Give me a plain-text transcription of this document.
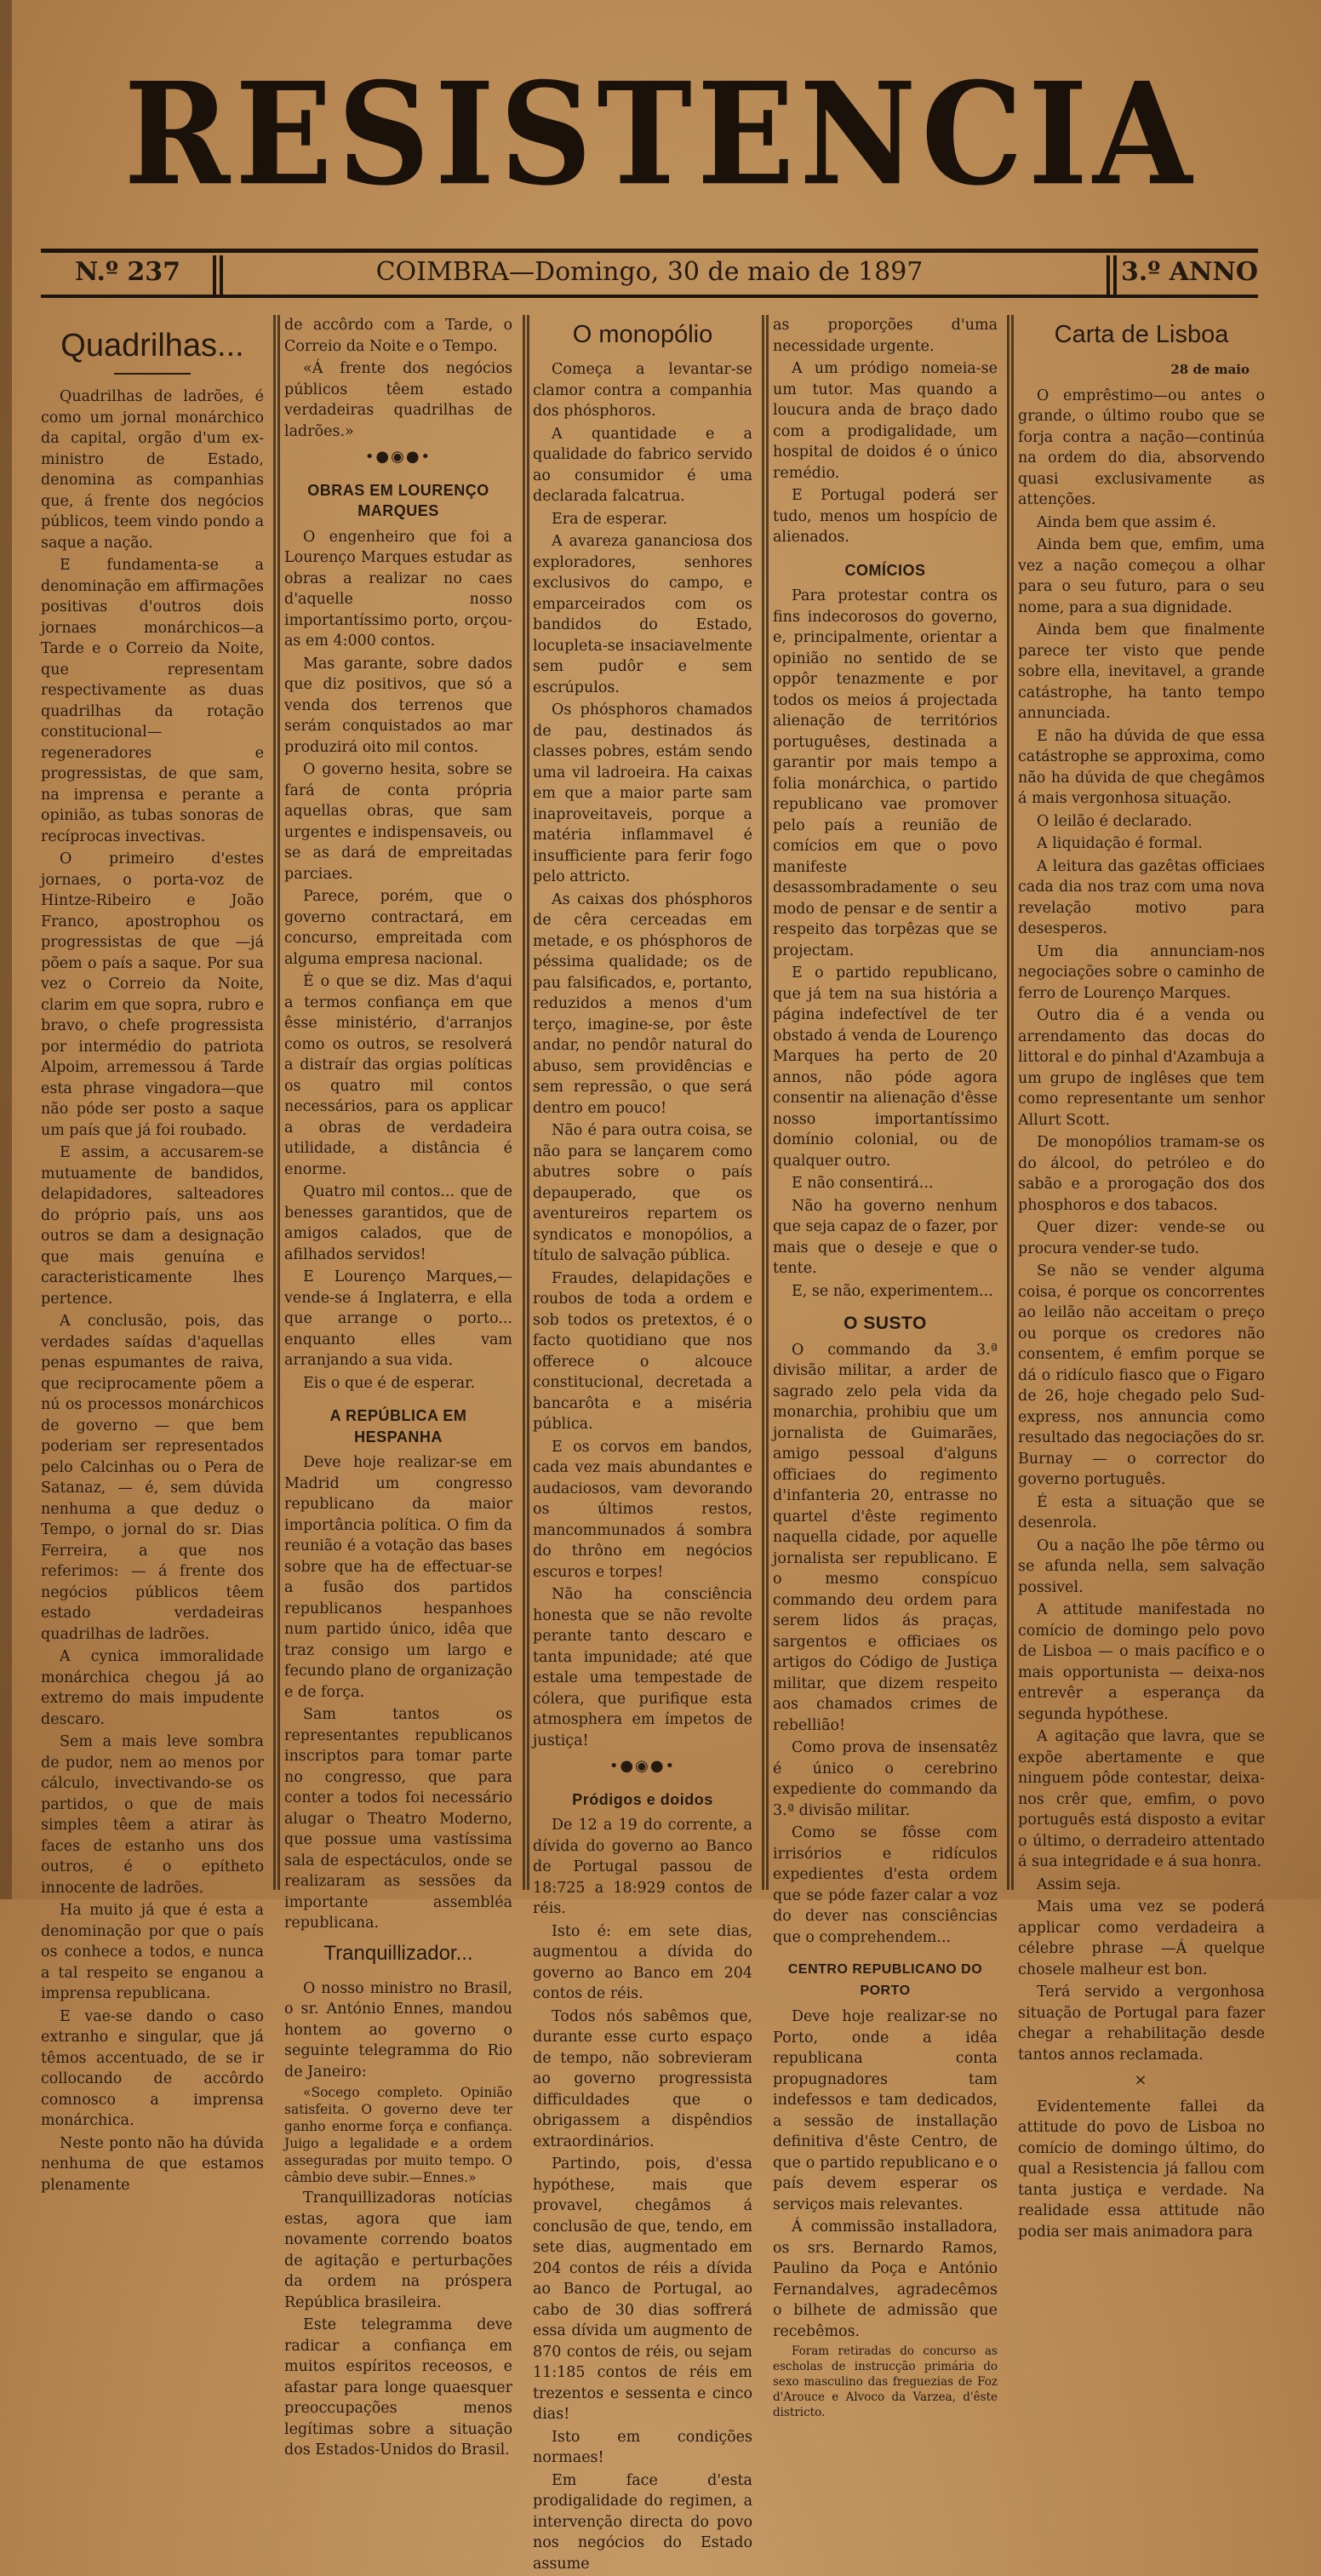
RESISTENCIA
N.º 237	COIMBRA—Domingo, 30 de maio de 1897	3.º ANNO
Quadrilhas...

Quadrilhas de ladrões, é como um jornal monárchico da capital, orgão d'um ex-ministro de Estado, denomina as companhias que, á frente dos negócios públicos, teem vindo pondo a saque a nação.

E fundamenta-se a denominação em affirmações positivas d'outros dois jornaes monárchicos—a Tarde e o Correio da Noite, que representam respectivamente as duas quadrilhas da rotação constitucional—regeneradores e progressistas, de que sam, na imprensa e perante a opinião, as tubas sonoras de recíprocas invectivas.

O primeiro d'estes jornaes, o porta-voz de Hintze-Ribeiro e João Franco, apostrophou os progressistas de que —já põem o país a saque. Por sua vez o Correio da Noite, clarim em que sopra, rubro e bravo, o chefe progressista por intermédio do patriota Alpoim, arremessou á Tarde esta phrase vingadora—que não póde ser posto a saque um país que já foi roubado.

E assim, a accusarem-se mutuamente de bandidos, delapidadores, salteadores do próprio país, uns aos outros se dam a designação que mais genuína e caracteristicamente lhes pertence.

A conclusão, pois, das verdades saídas d'aquellas penas espumantes de raiva, que reciprocamente põem a nú os processos monárchicos de governo — que bem poderiam ser representados pelo Calcinhas ou o Pera de Satanaz, — é, sem dúvida nenhuma a que deduz o Tempo, o jornal do sr. Dias Ferreira, a que nos referimos: — á frente dos negócios públicos têem estado verdadeiras quadrilhas de ladrões.

A cynica immoralidade monárchica chegou já ao extremo do mais impudente descaro.

Sem a mais leve sombra de pudor, nem ao menos por cálculo, invectivando-se os partidos, o que de mais simples têem a atirar às faces de estanho uns dos outros, é o epítheto innocente de ladrões.

Ha muito já que é esta a denominação por que o país os conhece a todos, e nunca a tal respeito se enganou a imprensa republicana.

E vae-se dando o caso extranho e singular, que já têmos accentuado, de se ir collocando de accôrdo comnosco a imprensa monárchica.

Neste ponto não ha dúvida nenhuma de que estamos plenamente

de accôrdo com a Tarde, o Correio da Noite e o Tempo.

«Á frente dos negócios públicos têem estado verdadeiras quadrilhas de ladrões.»

•●◉●•
OBRAS EM LOURENÇO MARQUES

O engenheiro que foi a Lourenço Marques estudar as obras a realizar no caes d'aquelle nosso importantíssimo porto, orçou-as em 4:000 contos.

Mas garante, sobre dados que diz positivos, que só a venda dos terrenos que serám conquistados ao mar produzirá oito mil contos.

O governo hesita, sobre se fará de conta própria aquellas obras, que sam urgentes e indispensaveis, ou se as dará de empreitadas parciaes.

Parece, porém, que o governo contractará, em concurso, empreitada com alguma empresa nacional.

É o que se diz. Mas d'aqui a termos confiança em que êsse ministério, d'arranjos como os outros, se resolverá a distraír das orgias políticas os quatro mil contos necessários, para os applicar a obras de verdadeira utilidade, a distância é enorme.

Quatro mil contos... que de benesses garantidos, que de amigos calados, que de afilhados servidos!

E Lourenço Marques,—vende-se á Inglaterra, e ella que arrange o porto... enquanto elles vam arranjando a sua vida.

Eis o que é de esperar.

A REPÚBLICA EM HESPANHA

Deve hoje realizar-se em Madrid um congresso republicano da maior importância política. O fim da reunião é a votação das bases sobre que ha de effectuar-se a fusão dos partidos republicanos hespanhoes num partido único, idêa que traz consigo um largo e fecundo plano de organização e de força.

Sam tantos os representantes republicanos inscriptos para tomar parte no congresso, que para conter a todos foi necessário alugar o Theatro Moderno, que possue uma vastíssima sala de espectáculos, onde se realizaram as sessões da importante assembléa republicana.

Tranquillizador...

O nosso ministro no Brasil, o sr. António Ennes, mandou hontem ao governo o seguinte telegramma do Rio de Janeiro:

«Socego completo. Opinião satisfeita. O governo deve ter ganho enorme força e confiança. Juigo a legalidade e a ordem asseguradas por muito tempo. O câmbio deve subir.—Ennes.»

Tranquillizadoras notícias estas, agora que iam novamente correndo boatos de agitação e perturbações da ordem na próspera República brasileira.

Este telegramma deve radicar a confiança em muitos espíritos receosos, e afastar para longe quaesquer preoccupações menos legítimas sobre a situação dos Estados-Unidos do Brasil.

O monopólio

Começa a levantar-se clamor contra a companhia dos phósphoros.

A quantidade e a qualidade do fabrico servido ao consumidor é uma declarada falcatrua.

Era de esperar.

A avareza gananciosa dos exploradores, senhores exclusivos do campo, e emparceirados com os bandidos do Estado, locupleta-se insaciavelmente sem pudôr e sem escrúpulos.

Os phósphoros chamados de pau, destinados ás classes pobres, estám sendo uma vil ladroeira. Ha caixas em que a maior parte sam inaproveitaveis, porque a matéria inflammavel é insufficiente para ferir fogo pelo attricto.

As caixas dos phósphoros de cêra cerceadas em metade, e os phósphoros de péssima qualidade; os de pau falsificados, e, portanto, reduzidos a menos d'um terço, imagine-se, por êste andar, no pendôr natural do abuso, sem providências e sem repressão, o que será dentro em pouco!

Não é para outra coisa, se não para se lançarem como abutres sobre o país depauperado, que os aventureiros repartem os syndicatos e monopólios, a título de salvação pública.

Fraudes, delapidações e roubos de toda a ordem e sob todos os pretextos, é o facto quotidiano que nos offerece o alcouce constitucional, decretada a bancarôta e a miséria pública.

E os corvos em bandos, cada vez mais abundantes e audaciosos, vam devorando os últimos restos, mancommunados á sombra do thrôno em negócios escuros e torpes!

Não ha consciência honesta que se não revolte perante tanto descaro e tanta impunidade; até que estale uma tempestade de cólera, que purifique esta atmosphera em ímpetos de justiça!

•●◉●•
Pródigos e doidos

De 12 a 19 do corrente, a dívida do governo ao Banco de Portugal passou de 18:725 a 18:929 contos de réis.

Isto é: em sete dias, augmentou a dívida do governo ao Banco em 204 contos de réis.

Todos nós sabêmos que, durante esse curto espaço de tempo, não sobrevieram ao governo progressista difficuldades que o obrigassem a dispêndios extraordinários.

Partindo, pois, d'essa hypóthese, mais que provavel, chegâmos á conclusão de que, tendo, em sete dias, augmentado em 204 contos de réis a dívida ao Banco de Portugal, ao cabo de 30 dias soffrerá essa dívida um augmento de 870 contos de réis, ou sejam 11:185 contos de réis em trezentos e sessenta e cinco dias!

Isto em condições normaes!

Em face d'esta prodigalidade do regimen, a intervenção directa do povo nos negócios do Estado assume

as proporções d'uma necessidade urgente.

A um pródigo nomeia-se um tutor. Mas quando a loucura anda de braço dado com a prodigalidade, um hospital de doidos é o único remédio.

E Portugal poderá ser tudo, menos um hospício de alienados.

COMÍCIOS

Para protestar contra os fins indecorosos do governo, e, principalmente, orientar a opinião no sentido de se oppôr tenazmente e por todos os meios á projectada alienação de territórios portuguêses, destinada a garantir por mais tempo a folia monárchica, o partido republicano vae promover pelo país a reunião de comícios em que o povo manifeste desassombradamente o seu modo de pensar e de sentir a respeito das torpêzas que se projectam.

E o partido republicano, que já tem na sua história a página indefectível de ter obstado á venda de Lourenço Marques ha perto de 20 annos, não póde agora consentir na alienação d'êsse nosso importantíssimo domínio colonial, ou de qualquer outro.

E não consentirá...

Não ha governo nenhum que seja capaz de o fazer, por mais que o deseje e que o tente.

E, se não, experimentem...

O SUSTO

O commando da 3.ª divisão militar, a arder de sagrado zelo pela vida da monarchia, prohibiu que um jornalista de Guimarães, amigo pessoal d'alguns officiaes do regimento d'infanteria 20, entrasse no quartel d'êste regimento naquella cidade, por aquelle jornalista ser republicano. E o mesmo conspícuo commando deu ordem para serem lidos ás praças, sargentos e officiaes os artigos do Código de Justiça militar, que dizem respeito aos chamados crimes de rebellião!

Como prova de insensatêz é único o cerebrino expediente do commando da 3.ª divisão militar.

Como se fôsse com irrisórios e ridículos expedientes d'esta ordem que se póde fazer calar a voz do dever nas consciências que o comprehendem...

CENTRO REPUBLICANO DO PORTO

Deve hoje realizar-se no Porto, onde a idêa republicana conta propugnadores tam indefessos e tam dedicados, a sessão de installação definitiva d'êste Centro, de que o partido republicano e o país devem esperar os serviços mais relevantes.

Á commissão installadora, os srs. Bernardo Ramos, Paulino da Poça e António Fernandalves, agradecêmos o bilhete de admissão que recebêmos.

Foram retiradas do concurso as escholas de instrucção primária do sexo masculino das freguezias de Foz d'Arouce e Alvoco da Varzea, d'êste districto.

Carta de Lisboa
28 de maio

O emprêstimo—ou antes o grande, o último roubo que se forja contra a nação—continúa na ordem do dia, absorvendo quasi exclusivamente as attenções.

Ainda bem que assim é.

Ainda bem que, emfim, uma vez a nação começou a olhar para o seu futuro, para o seu nome, para a sua dignidade.

Ainda bem que finalmente parece ter visto que pende sobre ella, inevitavel, a grande catástrophe, ha tanto tempo annunciada.

E não ha dúvida de que essa catástrophe se approxima, como não ha dúvida de que chegâmos á mais vergonhosa situação.

O leilão é declarado.

A liquidação é formal.

A leitura das gazêtas officiaes cada dia nos traz com uma nova revelação motivo para desesperos.

Um dia annunciam-nos negociações sobre o caminho de ferro de Lourenço Marques.

Outro dia é a venda ou arrendamento das docas do littoral e do pinhal d'Azambuja a um grupo de inglêses que tem como representante um senhor Allurt Scott.

De monopólios tramam-se os do álcool, do petróleo e do sabão e a prorogação dos dos phosphoros e dos tabacos.

Quer dizer: vende-se ou procura vender-se tudo.

Se não se vender alguma coisa, é porque os concorrentes ao leilão não acceitam o preço ou porque os credores não consentem, é emfim porque se dá o ridículo fiasco que o Figaro de 26, hoje chegado pelo Sud-express, nos annuncia como resultado das negociações do sr. Burnay — o corrector do governo português.

É esta a situação que se desenrola.

Ou a nação lhe põe têrmo ou se afunda nella, sem salvação possivel.

A attitude manifestada no comício de domingo pelo povo de Lisboa — o mais pacífico e o mais opportunista — deixa-nos entrevêr a esperança da segunda hypóthese.

A agitação que lavra, que se expõe abertamente e que ninguem pôde contestar, deixa-nos crêr que, emfim, o povo português está disposto a evitar o último, o derradeiro attentado á sua integridade e á sua honra.

Assim seja.

Mais uma vez se poderá applicar como verdadeira a célebre phrase —Á quelque chosele malheur est bon.

Terá servido a vergonhosa situação de Portugal para fazer chegar a rehabilitação desde tantos annos reclamada.

×

Evidentemente fallei da attitude do povo de Lisboa no comício de domingo último, do qual a Resistencia já fallou com tanta justiça e verdade. Na realidade essa attitude não podia ser mais animadora para
